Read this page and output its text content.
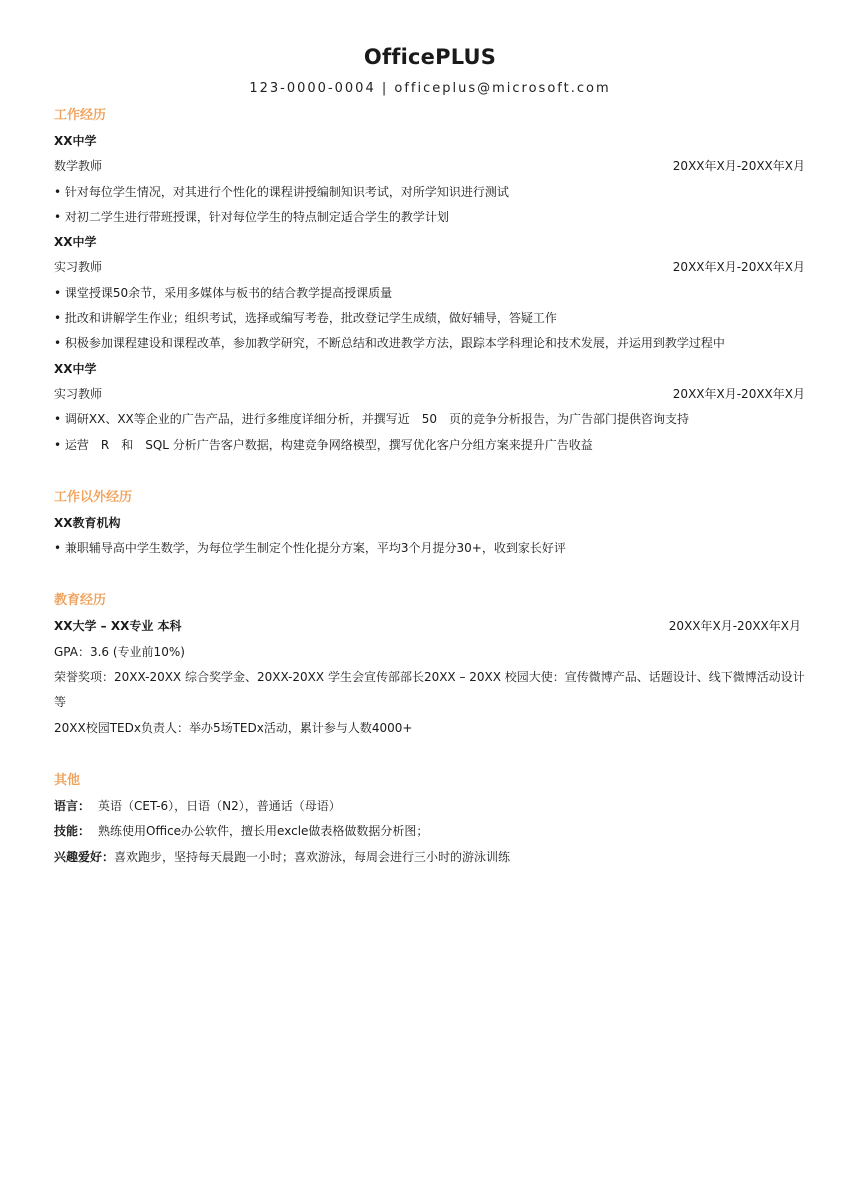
OfficePLUS
123-0000-0004 | officeplus@microsoft.com
工作经历
XX中学
数学教师	20XX年X月-20XX年X月
• 针对每位学生情况，对其进行个性化的课程讲授编制知识考试，对所学知识进行测试
• 对初二学生进行带班授课，针对每位学生的特点制定适合学生的教学计划
XX中学
实习教师	20XX年X月-20XX年X月
• 课堂授课50余节，采用多媒体与板书的结合教学提高授课质量
• 批改和讲解学生作业；组织考试，选择或编写考卷，批改登记学生成绩，做好辅导，答疑工作
• 积极参加课程建设和课程改革，参加教学研究，不断总结和改进教学方法，跟踪本学科理论和技术发展，并运用到教学过程中
XX中学
实习教师	20XX年X月-20XX年X月
• 调研XX、XX等企业的广告产品，进行多维度详细分析，并撰写近　50　页的竞争分析报告，为广告部门提供咨询支持
• 运营　R　和　SQL 分析广告客户数据，构建竞争网络模型，撰写优化客户分组方案来提升广告收益
工作以外经历
XX教育机构
• 兼职辅导高中学生数学，为每位学生制定个性化提分方案，平均3个月提分30+，收到家长好评
教育经历
XX大学 – XX专业 本科	20XX年X月-20XX年X月
GPA：3.6 (专业前10%)
荣誉奖项：20XX-20XX 综合奖学金、20XX-20XX 学生会宣传部部长20XX – 20XX 校园大使：宣传微博产品、话题设计、线下微博活动设计等
20XX校园TEDx负责人：举办5场TEDx活动，累计参与人数4000+
其他
语言： 英语（CET-6），日语（N2），普通话（母语）
技能： 熟练使用Office办公软件，擅长用excle做表格做数据分析图；
兴趣爱好：喜欢跑步，坚持每天晨跑一小时；喜欢游泳，每周会进行三小时的游泳训练
